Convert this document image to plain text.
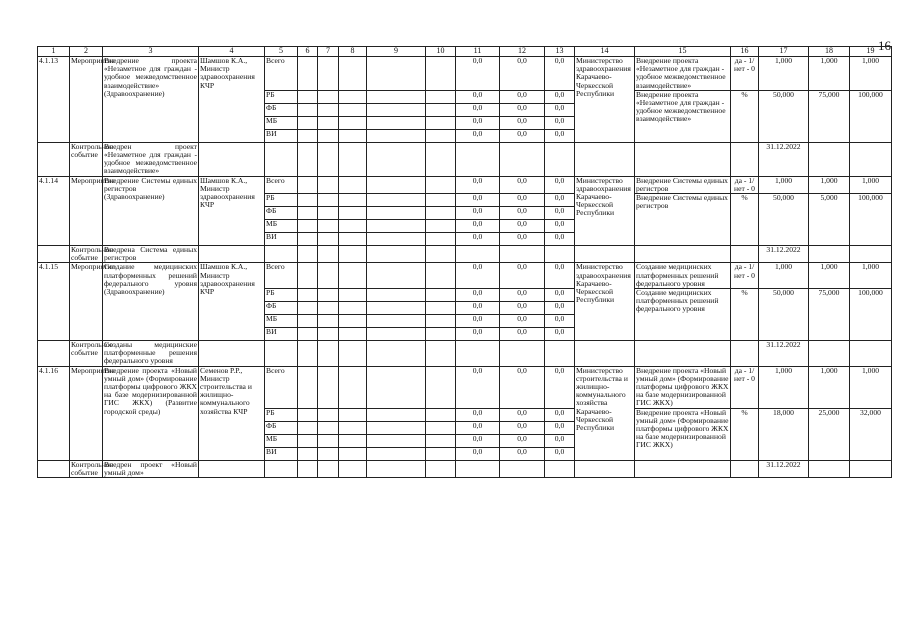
16
1	2	3	4	5	6	7	8	9	10	11	12	13	14	15	16	17	18	19
4.1.13	Мероприятие	Внедрение проекта «Незаметное для граждан - удобное межведомственное взаимодействие» (Здравоохранение)	Шамшов К.А., Министр здравоохранения КЧР	Всего						0,0	0,0	0,0	Министерство здравоохранения Карачаево-Черкесской Республики	Внедрение проекта «Незаметное для граждан - удобное межведомственное взаимодействие»	да - 1/ нет - 0	1,000	1,000	1,000
				РБ						0,0	0,0	0,0		Внедрение проекта «Незаметное для граждан - удобное межведомственное взаимодействие»	%	50,000	75,000	100,000
				ФБ						0,0	0,0	0,0						
				МБ						0,0	0,0	0,0						
				ВИ						0,0	0,0	0,0						
	Контрольное событие	Внедрен проект «Незаметное для граждан - удобное межведомственное взаимодействие»														31.12.2022		
4.1.14	Мероприятие	Внедрение Системы единых регистров (Здравоохранение)	Шамшов К.А., Министр здравоохранения КЧР	Всего						0,0	0,0	0,0	Министерство здравоохранения Карачаево-Черкесской Республики	Внедрение Системы единых регистров	да - 1/ нет - 0	1,000	1,000	1,000
				РБ						0,0	0,0	0,0		Внедрение Системы единых регистров	%	50,000	5,000	100,000
				ФБ						0,0	0,0	0,0						
				МБ						0,0	0,0	0,0						
				ВИ						0,0	0,0	0,0						
	Контрольное событие	Внедрена Система единых регистров														31.12.2022		
4.1.15	Мероприятие	Создание медицинских платформенных решений федерального уровня (Здравоохранение)	Шамшов К.А., Министр здравоохранения КЧР	Всего						0,0	0,0	0,0	Министерство здравоохранения Карачаево-Черкесской Республики	Создание медицинских платформенных решений федерального уровня	да - 1/ нет - 0	1,000	1,000	1,000
				РБ						0,0	0,0	0,0		Создание медицинских платформенных решений федерального уровня	%	50,000	75,000	100,000
				ФБ						0,0	0,0	0,0						
				МБ						0,0	0,0	0,0						
				ВИ						0,0	0,0	0,0						
	Контрольное событие	Созданы медицинские платформенные решения федерального уровня														31.12.2022		
4.1.16	Мероприятие	Внедрение проекта «Новый умный дом» (Формирование платформы цифрового ЖКХ на базе модернизированной ГИС ЖКХ) (Развитие городской среды)	Семенов Р.Р., Министр строительства и жилищно-коммунального хозяйства КЧР	Всего						0,0	0,0	0,0	Министерство строительства и жилищно-коммунального хозяйства Карачаево-Черкесской Республики	Внедрение проекта «Новый умный дом» (Формирование платформы цифрового ЖКХ на базе модернизированной ГИС ЖКХ)	да - 1/ нет - 0	1,000	1,000	1,000
				РБ						0,0	0,0	0,0		Внедрение проекта «Новый умный дом» (Формирование платформы цифрового ЖКХ на базе модернизированной ГИС ЖКХ)	%	18,000	25,000	32,000
				ФБ						0,0	0,0	0,0						
				МБ						0,0	0,0	0,0						
				ВИ						0,0	0,0	0,0						
	Контрольное событие	Внедрен проект «Новый умный дом»														31.12.2022		
